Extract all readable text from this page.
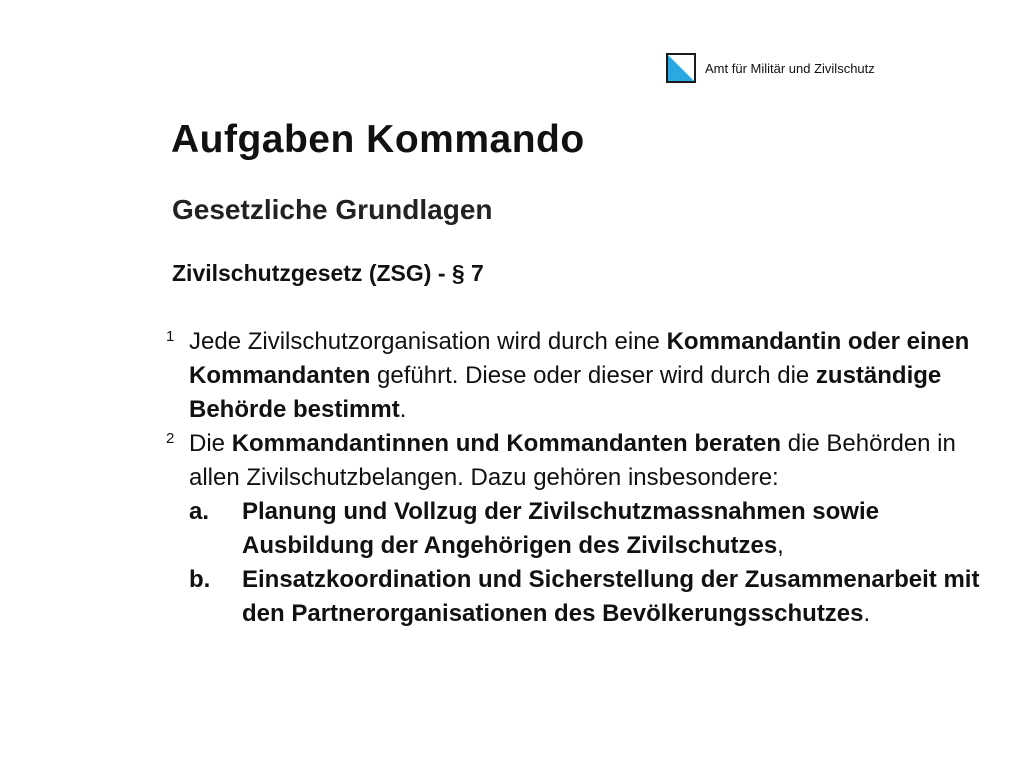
Amt für Militär und Zivilschutz
Aufgaben Kommando
Gesetzliche Grundlagen
Zivilschutzgesetz (ZSG) - § 7
1 Jede Zivilschutzorganisation wird durch eine Kommandantin oder einen Kommandanten geführt. Diese oder dieser wird durch die zuständige Behörde bestimmt.
2 Die Kommandantinnen und Kommandanten beraten die Behörden in allen Zivilschutzbelangen. Dazu gehören insbesondere:
a. Planung und Vollzug der Zivilschutzmassnahmen sowie Ausbildung der Angehörigen des Zivilschutzes,
b. Einsatzkoordination und Sicherstellung der Zusammenarbeit mit den Partnerorganisationen des Bevölkerungsschutzes.
